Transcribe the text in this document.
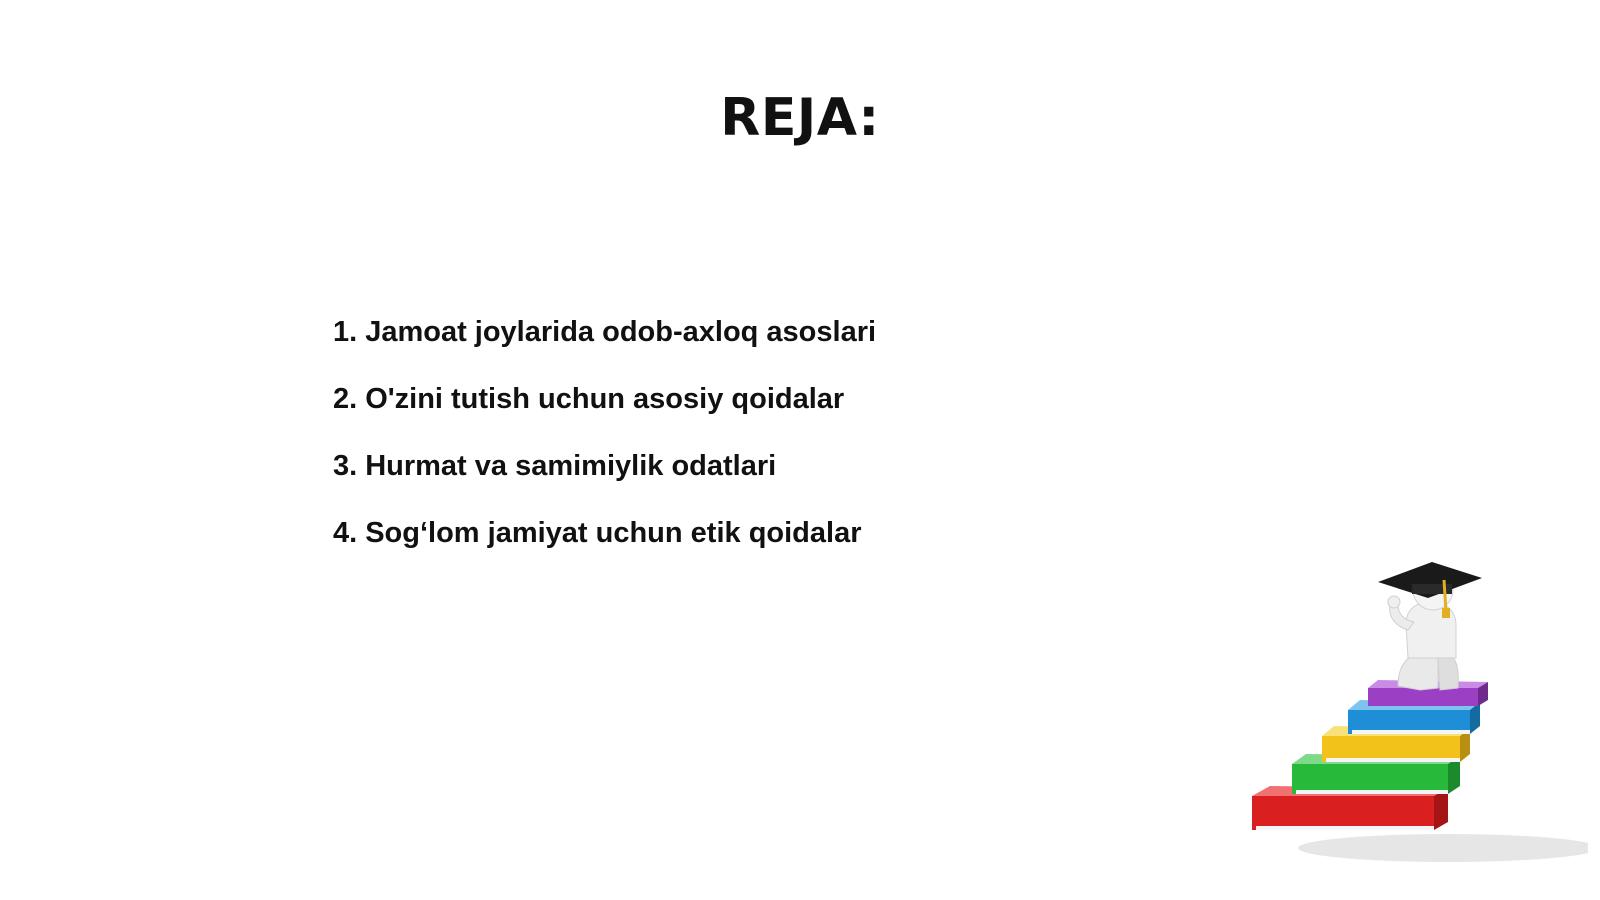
REJA:
1. Jamoat joylarida odob-axloq asoslari
2. O'zini tutish uchun asosiy qoidalar
3. Hurmat va samimiylik odatlari
4. Sog‘lom jamiyat uchun etik qoidalar
